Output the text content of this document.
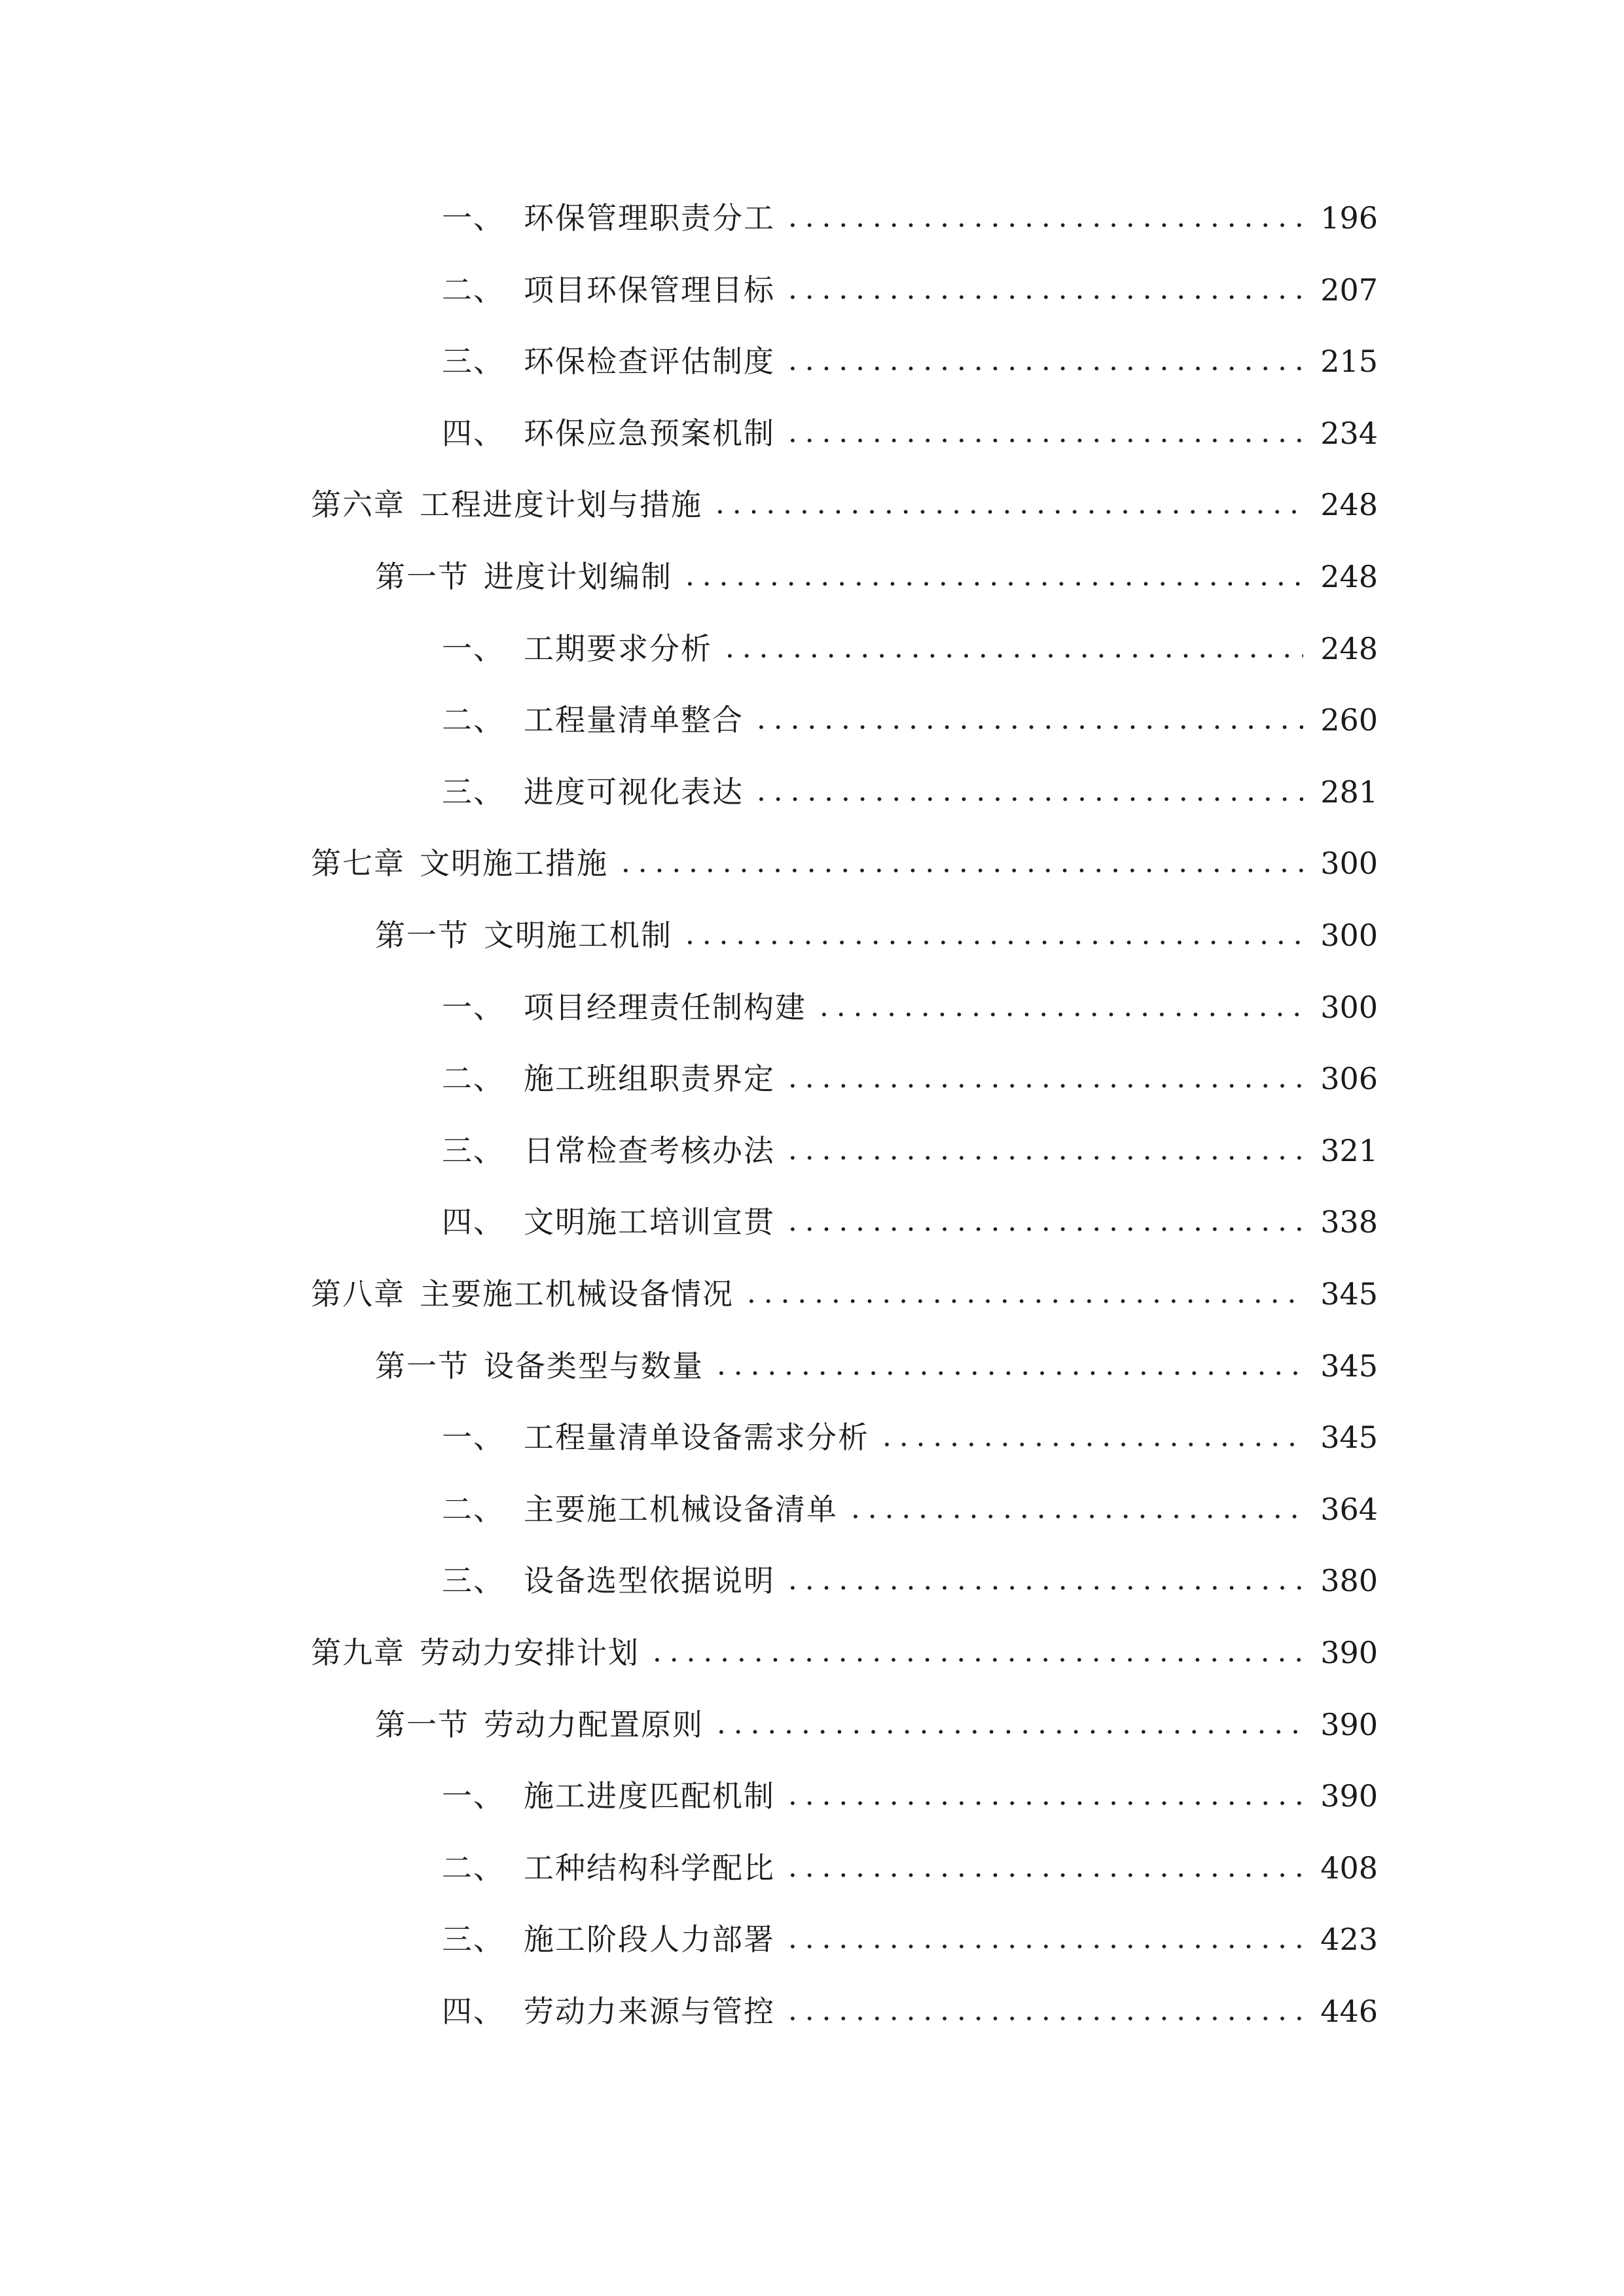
一、 环保管理职责分工	196
二、 项目环保管理目标	207
三、 环保检查评估制度	215
四、 环保应急预案机制	234
第六章 工程进度计划与措施	248
第一节 进度计划编制	248
一、 工期要求分析	248
二、 工程量清单整合	260
三、 进度可视化表达	281
第七章 文明施工措施	300
第一节 文明施工机制	300
一、 项目经理责任制构建	300
二、 施工班组职责界定	306
三、 日常检查考核办法	321
四、 文明施工培训宣贯	338
第八章 主要施工机械设备情况	345
第一节 设备类型与数量	345
一、 工程量清单设备需求分析	345
二、 主要施工机械设备清单	364
三、 设备选型依据说明	380
第九章 劳动力安排计划	390
第一节 劳动力配置原则	390
一、 施工进度匹配机制	390
二、 工种结构科学配比	408
三、 施工阶段人力部署	423
四、 劳动力来源与管控	446
